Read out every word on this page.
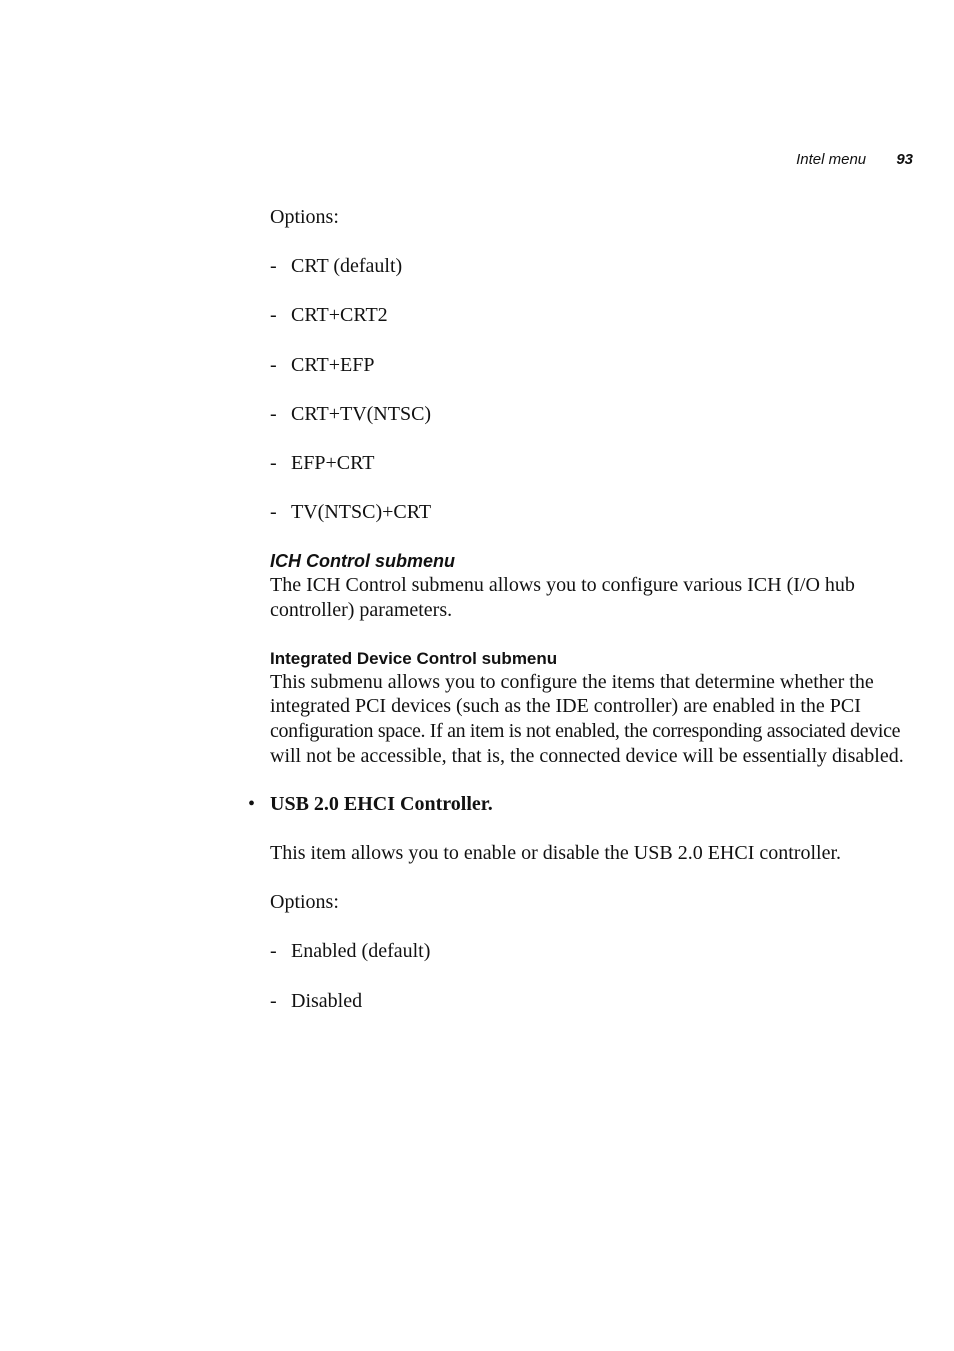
Intel menu 93
Options:
- CRT (default)
- CRT+CRT2
- CRT+EFP
- CRT+TV(NTSC)
- EFP+CRT
- TV(NTSC)+CRT
ICH Control submenu
The ICH Control submenu allows you to configure various ICH (I/O hub
controller) parameters.
Integrated Device Control submenu
This submenu allows you to configure the items that determine whether the
integrated PCI devices (such as the IDE controller) are enabled in the PCI
configuration space. If an item is not enabled, the corresponding associated device
will not be accessible, that is, the connected device will be essentially disabled.
• USB 2.0 EHCI Controller.
This item allows you to enable or disable the USB 2.0 EHCI controller.
Options:
- Enabled (default)
- Disabled
